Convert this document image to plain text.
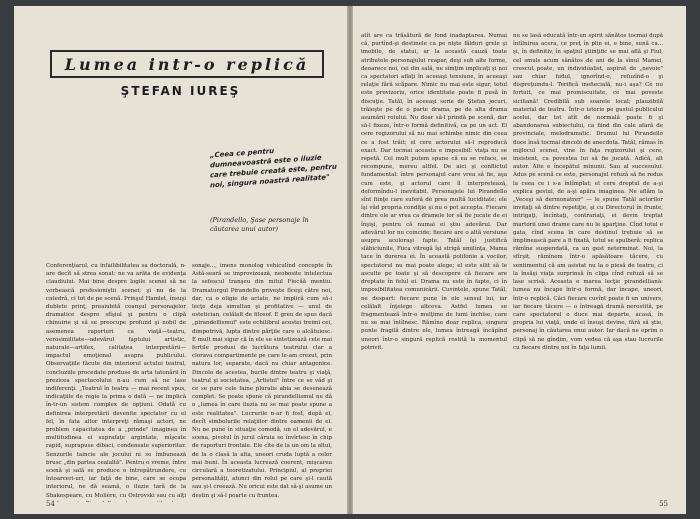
Lumea intr-o replică
ŞTEFAN IUREŞ
„Ceea ce pentru dumneavoastră este o iluzie care trebuie creată este, pentru noi, singura noastră realitate"
(Pirandello, Şase personaje în căutarea unui autor)
Conferenţiarul, cu infailibilitatea sa doctorală, n-are decît să strea sonat: ne va arăta de evidenţa claudiului. Mai bine despre logile scenei să ne vorbească profesioniştii scenei; şi nu de la catedră, ci tot de pe scenă. Prinşul Hamlet, însuşi dublete prinţ, preaiubită coanşul personajelor dramatice despre sfîşiul şi pentru o clipă chinuirie şi să se preocupe profund şi nobil de asemenea raporturi ca viaţă—teatru, verosimilitate—adevărul faptului artistic, naturale—artifex, calitatea interpretării—impactul emoţional asupra publicului. Observaţiile făcute din interiorul actului teatral, concluziile procedate produse de arta tatonării în prezicea spectacolului n-au cum să ne lase indiferenţi. „Teatrul în teatru — mai recent spus, indicaţiile de regie la prima o dată — ne implică în-tr-un sistem complex de opţiuni. Odată cu definirea interpretării devenite spectator cu el fel, în fata altor interpreţi rămaşi actori, ne problem capacitatea de a „prinde" imaginea în multitudinea ei suprafaţe argintate, mîşcate rapid, suprapuse dibaci, condensate superioritar. Senzurile taincie ale jocului ni se îmbunează brusc „din partea cealaltă". Pentru o vreme, între scenă şi sală se produce o întrepătrundere, cu întoarceri-uri, iar faţă de bine, care se ocupa interiorul, ne dă seamă, o iluzie tară de la Shakespeare, cu Molière, cu Ostrovski sau cu alţi
sonaje..., imens monolog vehiculînd concepte în Astă-seară se improvizează, neobosite intelectua la sefescul tranşeu din mitul Fiecăă mentiu. Dramaturgul Pirandello priveşte fîceşi către noi, dar, ca o oligie de actate, ne implică cum să-i lecţe deja simultan şi profitative — unul de estetician, celălalt de filosof. E greu de spus dacă „pirandellismul" este echilibrul acestei treimi cei, dimpotrivă, lupta dintre părţile care o alcătuiesc. E mult mai sigur că în ele se sintetizează cele mai fertile produsi de lucrătura teatrului clar a clorava compartimente pe care le-am crezut, prin natura lor, separate, dacă nu chiar antagonice. Dincolo de acestea, bucile dintre teatru şi viaţă, teatrul şi societatea, „Artistul" între ce se văd şi ce se pare cele faine pluralis abia se desenează complet. Se poate spune că pirandellismul ne dă o „lumea în care iluzia nu se mai poate spune a este realitatea". Lucrurile n-ar fi fost, după el, decît simbolurile relaţiilor dintre oamenii de el. Nu ne pune în situaţie comodă, un el adevărul, e scena, pivotul în jurul căruia se învîrtesc în chip de raporturi frontale. Ele cîte de la un om la altul, de la o clasă la alta, uneori cruda luptă a celor mai buni. În aceasta lucrează coerent, mişcarea circulară a teoretizatului. Principiul, al propriei personalităţi, atunci din rolul pe care şi-l caută sau şi-l creează. Nu oricui este dat să-şi asume un destin şi să-l poarte cu fruntea.
54
atît are ca trăsătură de fond inadaptarea. Numai că, purtînd-şi destinele ca pe nişte fălduri grele şi imobile, de statui, ar la această cauză toate atributele personajului reapar, deşi sub alte forme, deoarece noi, cei din sală, ne simţim implicaţi şi noi ca spectatori aflaţi în aceeaşi tensiune, în aceeaşi relaţie fără scăpare. Nimic nu mai este sigur, totul este provizoriu, orice identitate poate fi pusă în discuţie. Tatăl, în aceeaşi serie de Ştefan jocuri, trăieşte pe de o parte drama, pe de alta drama asumării rolului. Nu doar să-l prindă pe scenă, dar să-l fixeze, într-o formă definitivă, ca pe un act. El cere regizorului să nu mai schimbe nimic din ceea ce a fost trăit; el cere actorului să-l reproducă exact. Dar tocmai aceasta e imposibil: viaţa nu se repetă. Cel mult putem spune că ea se reface, se recompune, mereu altfel. De aici şi conflictul fundamental: între personajul care vrea să fie, aşa cum este, şi actorul care îl interpretează, deformîndu-l inevitabil. Personajele lui Pirandello sînt fiinţe care suferă de prea multă luciditate; ele îşi văd propria condiţie şi nu o pot accepta. Fiecare dintre ele ar vrea ca dramele lor să fie jucate de ei înşişi, pentru că numai ei ştiu adevărul. Dar adevărul lor nu coincide; fiecare are o altă versiune asupra aceloraşi fapte. Tatăl îşi justifică slăbiciunile, Fiica vitregă îşi strigă umilinţa, Mama tace în durerea ei. În această polifonie a vocilor, spectatorul nu mai poate alege; el este silit să le asculte pe toate şi să descopere că fiecare are dreptate în felul ei. Drama nu este în fapte, ci în imposibilitatea comunicării. Cuvintele, spune Tatăl, ne despart: fiecare pune în ele sensul lui, iar celălalt înţelege altceva. Astfel lumea se fragmentează într-o mulţime de lumi închise, care nu se mai întîlnesc. Rămîne doar replica, singura punte fragilă dintre ele, lumea întreagă încăpînd uneori într-o singură replică rostită la momentul potrivit.
nu se lasă educată într-un spirit sănătos tocmai după întîlnirea acera, ce preţ în plin ei, e bine, sună ca... şi, în definitiv, în spaţiul ştiinţific se mai află şi Fiul, cel smuls acum sănătos de ani de la sînul Mamei, crescut poate, un individualist, aspirat de „nevoie" sau chiar fudul, ignorînd-o, refuzînd-o şi dispreţuindu-l. Terifică inefiecială, nu-i aşa? Ce nu fortuit, ce mai promiscuitate, ce mai poveste siciliană! Credibilă sub soarele local; plauzibilă material de teatru. Într-o istorie pe gustul publicului acelui, dar tot atît de normală poate fi şi abandonarea subiectului, ca fiind din cale afară de provinciale, melodramatic. Drumul lui Pirandello duce însă tocmai dincolo de anecdota. Tatăl, rămas în mijlocul scenei, vine în faţa regizorului şi cere, insistent, ca povestea lui să fie jucată. Adică, alt autor. Alte e începătul minunii. Sau al succesului. Adus pe scenă ce este, personajul refuză să fie redus la ceea ce i s-a întîmplat; el cere dreptul de a-şi explica gestul, de a-şi apăra imaginea. Ne aflăm la „Veceşi să dermonatrer" — le spune Tatăl actorilor invitaţi să dintre repetiţie, şi cu Directorul în frunte, intrigaţi, încîntaţi, contrariaţi, ei devin treptat martorii unei drame care nu le aparţine. Cînd totul e gata, cînd scena în care destinul trebuie să se împlinească pare a fi fixată, totul se spulberă: replica rămîne suspendată, ca un gest neterminat. Noi, la sfîrşit, rămînem într-o apăsătoare tăcere, cu sentimentul că am asistat nu la o piesă de teatru, ci la însăşi viaţa surprinsă în clipa cînd refuză să se lase scrisă. Aceasta e marea lecţie pirandelliană: lumea nu încape într-o formă, dar încape, uneori, într-o replică. Căci fiecare cuvînt poate fi un univers, iar fiecare tăcere — o întreagă dramă nerostită, pe care spectatorul o duce mai departe, acasă, în propria lui viaţă, unde el însuşi devine, fără să ştie, personaj în căutarea unui autor. Iar dacă ne oprim o clipă să ne gîndim, vom vedea că aşa stau lucrurile cu fiecare dintre noi în faţa lumii.
55
